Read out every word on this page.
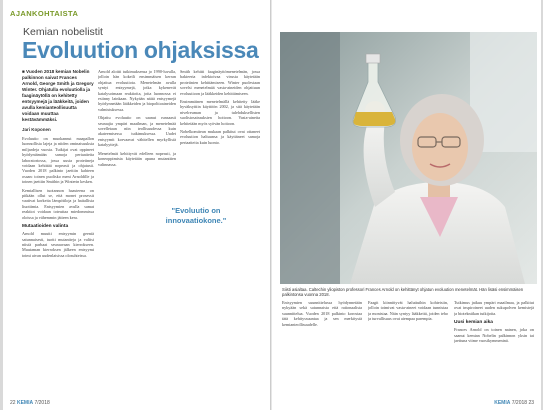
AJANKOHTAISTA
Kemian nobelistit
Evoluution ohjaksissa
■ Vuoden 2018 kemian Nobelin palkinnon saivat Frances Arnold, George Smith ja Gregory Winter. Ohjatulla evoluutiolla ja faaginäytöllä on kehitetty entsyymejä ja lääkkeitä, joiden avulla kemianteollisuutta voidaan muuttaa kestävämmäksi.
Jari Koponen

Evoluutio on muokannut maapallon luonnollisia lajeja ja niiden ominaisuuksia miljardeja vuosia. Tutkijat ovat oppineet hyödyntämään samoja periaatteita laboratoriossa, jossa uusia proteiineja voidaan kehittää nopeasti ja ohjatusti. Vuoden 2018 palkinto jaettiin kahteen osaan: toinen puolisko meni Arnoldille ja toinen jaettiin Smithin ja Winterin kesken.

Kemiallisen tuotannon haasteena on pitkään ollut se, että monet prosessit vaativat korkeita lämpötiloja ja haitallisia liuottimia. Entsyymien avulla samat reaktiot voidaan toteuttaa miedommissa oloissa ja vähemmin jätteen kera.

Mutaatioiden valinta

Arnold muutti entsyymin geeniä satunnaisesti, tuotti mutantteja ja valitsi niistä parhaat seuraavaan kierrokseen. Muutaman kierroksen jälkeen entsyymi toimi aivan uudenlaisissa olosuhteissa.

Arnold aloitti tutkimuksensa jo 1990-luvulla, jolloin hän kokeili ensimmäisen kerran ohjattua evoluutiota. Menetelmän avulla syntyi entsyymejä, jotka kykenevät katalysoimaan reaktioita, joita luonnossa ei esiinny lainkaan. Nykyään näitä entsyymejä hyödynnetään lääkkeiden ja biopolttoaineiden valmistuksessa.

Ohjattu evoluutio on saanut runsaasti seuraajia ympäri maailman, ja menetelmää sovelletaan niin teollisuudessa kuin akateemisessa tutkimuksessa. Uudet entsyymit korvaavat vähitellen myrkyllisiä katalyyttejä.

Menetelmät kehittyvät edelleen nopeasti, ja koneoppimista käytetään apuna mutanttien valinnassa.

Smith kehitti faaginäyttömenetelmän, jossa bakteeria infektoivaa virusta käytetään proteiinien kehittämiseen. Winter puolestaan sovelsi menetelmää vasta-aineiden ohjattuun evoluutioon ja lääkkeiden kehittämiseen.

Ensimmäinen menetelmällä kehitetty lääke hyväksyttiin käyttöön 2002, ja sitä käytetään nivelreuman ja tulehduksellisten suolistosairauksien hoitoon. Vasta-aineita kehitetään myös syövän hoitoon.

Nobelkomitean mukaan palkitut ovat ottaneet evoluution haltuunsa ja käyttäneet samoja periaatteita kuin luonto.

"Evoluutio on innovaatiokone."
22 KEMIA 7/2018
Siisti asialtaa. Caltechin yliopiston professori Frances Arnold on kehittänyt ohjatun evoluution menetelmät. Hän lisäsi ensimmäisen palkintonsa vuonna 2018.

Entsyymien suunnittelussa hyödynnetään nykyään sekä satunnaista että rationaalista suunnittelua. Vuoden 2018 palkinto korostaa tätä kehityssuuntaa ja sen merkitystä kemianteollisuudelle.

Faagit kiinnittyvät haluttuihin kohteisiin, jolloin toimivat vasta-aineet voidaan tunnistaa ja monistaa. Näin syntyy lääkkeitä, joiden teho ja turvallisuus ovat aiempaa parempia.

Tutkimus jatkuu ympäri maailmaa, ja palkitut ovat inspiroineet uuden sukupolven kemistejä ja biotekniikan tutkijoita.

Uusi kemian aika

Frances Arnold on toinen nainen, joka on saanut kemian Nobelin palkinnon yksin tai jaettuna viime vuosikymmeninä.

KEMIA 7/2018 23
